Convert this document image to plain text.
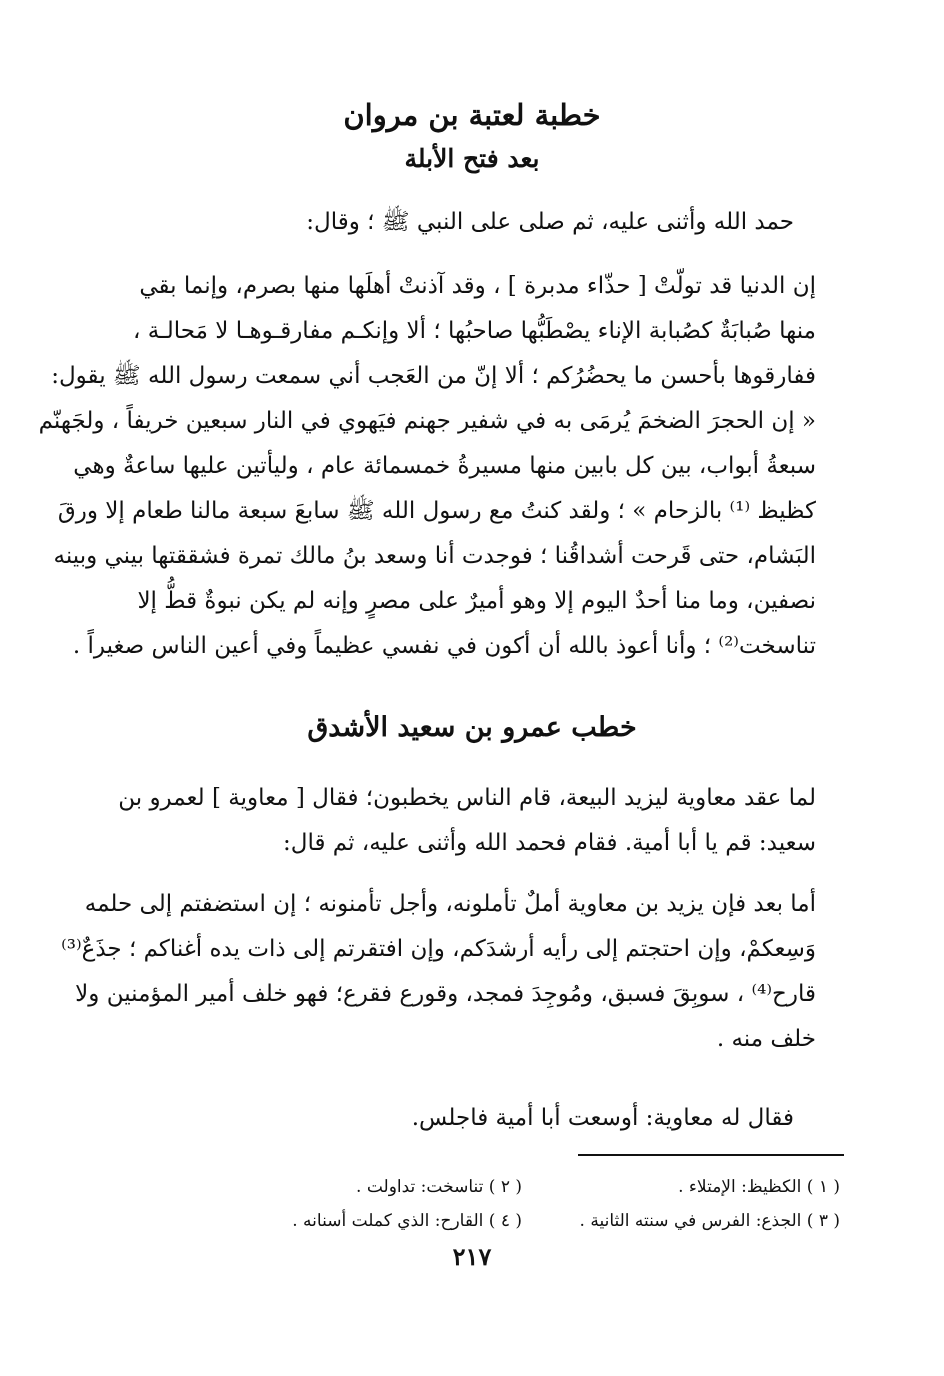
خطبة لعتبة بن مروان
بعد فتح الأبلة

حمد الله وأثنى عليه، ثم صلى على النبي ﷺ ؛ وقال:

إن الدنيا قد تولّتْ [ حذّاء مدبرة ] ، وقد آذنتْ أهلَها منها بصرم، وإنما بقي
منها صُبابَةٌ كصُبابة الإناء يصْطَبُّها صاحبُها ؛ ألا وإنكـم مفارقـوهـا لا مَحالـة ،
ففارقوها بأحسن ما يحضُرُكم ؛ ألا إنّ من العَجب أني سمعت رسول الله ﷺ يقول:
« إن الحجرَ الضخمَ يُرمَى به في شفير جهنم فيَهوي في النار سبعين خريفاً ، ولجَهنّم
سبعةُ أبواب، بين كل بابين منها مسيرةُ خمسمائة عام ، وليأتين عليها ساعةٌ وهي
كظيظ ⁽¹⁾ بالزحام » ؛ ولقد كنتُ مع رسول الله ﷺ سابعَ سبعة مالنا طعام إلا ورقَ
البَشام، حتى قَرحت أشداقُنا ؛ فوجدت أنا وسعد بنُ مالك تمرة فشققتها بيني وبينه
نصفين، وما منا أحدٌ اليوم إلا وهو أميرٌ على مصرٍ وإنه لم يكن نبوةٌ قطُّ إلا
تناسخت⁽²⁾ ؛ وأنا أعوذ بالله أن أكون في نفسي عظيماً وفي أعين الناس صغيراً .
خطب عمرو بن سعيد الأشدق
لما عقد معاوية ليزيد البيعة، قام الناس يخطبون؛ فقال [ معاوية ] لعمرو بن
سعيد: قم يا أبا أمية. فقام فحمد الله وأثنى عليه، ثم قال:
أما بعد فإن يزيد بن معاوية أملٌ تأملونه، وأجل تأمنونه ؛ إن استضفتم إلى حلمه
وَسِعكمْ، وإن احتجتم إلى رأيه أرشدَكم، وإن افتقرتم إلى ذات يده أغناكم ؛ جذَعٌ⁽³⁾
قارح⁽⁴⁾ ، سوبِقَ فسبق، ومُوجِدَ فمجد، وقورع فقرع؛ فهو خلف أمير المؤمنين ولا
خلف منه .

فقال له معاوية: أوسعت أبا أمية فاجلس.

( ١ ) الكظيظ: الإمتلاء .
( ٢ ) تناسخت: تداولت .
( ٣ ) الجذع: الفرس في سنته الثانية .
( ٤ ) القارح: الذي كملت أسنانه .
٢١٧
